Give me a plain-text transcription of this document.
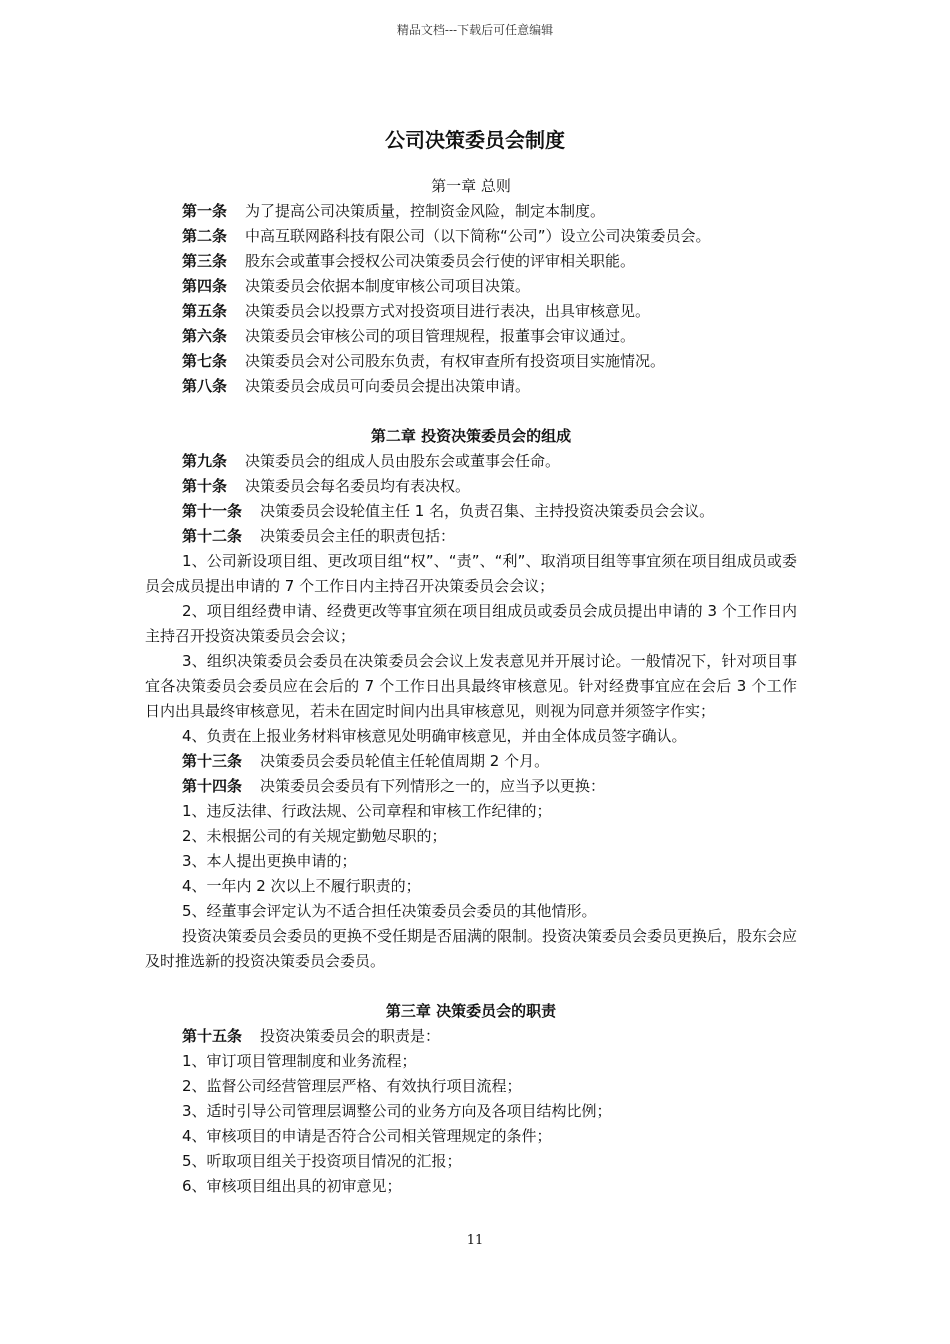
精品文档---下载后可任意编辑
公司决策委员会制度

第一章 总则

第一条 为了提高公司决策质量，控制资金风险，制定本制度。

第二条 中高互联网路科技有限公司（以下简称“公司”）设立公司决策委员会。

第三条 股东会或董事会授权公司决策委员会行使的评审相关职能。

第四条 决策委员会依据本制度审核公司项目决策。

第五条 决策委员会以投票方式对投资项目进行表决，出具审核意见。

第六条 决策委员会审核公司的项目管理规程，报董事会审议通过。

第七条 决策委员会对公司股东负责，有权审查所有投资项目实施情况。

第八条 决策委员会成员可向委员会提出决策申请。

第二章 投资决策委员会的组成

第九条 决策委员会的组成人员由股东会或董事会任命。

第十条 决策委员会每名委员均有表决权。

第十一条 决策委员会设轮值主任 1 名，负责召集、主持投资决策委员会会议。

第十二条 决策委员会主任的职责包括：

1、公司新设项目组、更改项目组“权”、“责”、“利”、取消项目组等事宜须在项目组成员或委员会成员提出申请的 7 个工作日内主持召开决策委员会会议；

2、项目组经费申请、经费更改等事宜须在项目组成员或委员会成员提出申请的 3 个工作日内主持召开投资决策委员会会议；

3、组织决策委员会委员在决策委员会会议上发表意见并开展讨论。一般情况下，针对项目事宜各决策委员会委员应在会后的 7 个工作日出具最终审核意见。针对经费事宜应在会后 3 个工作日内出具最终审核意见，若未在固定时间内出具审核意见，则视为同意并须签字作实；

4、负责在上报业务材料审核意见处明确审核意见，并由全体成员签字确认。

第十三条 决策委员会委员轮值主任轮值周期 2 个月。

第十四条 决策委员会委员有下列情形之一的，应当予以更换：

1、违反法律、行政法规、公司章程和审核工作纪律的；

2、未根据公司的有关规定勤勉尽职的；

3、本人提出更换申请的；

4、一年内 2 次以上不履行职责的；

5、经董事会评定认为不适合担任决策委员会委员的其他情形。

投资决策委员会委员的更换不受任期是否届满的限制。投资决策委员会委员更换后，股东会应及时推选新的投资决策委员会委员。

第三章 决策委员会的职责

第十五条 投资决策委员会的职责是：

1、审订项目管理制度和业务流程；

2、监督公司经营管理层严格、有效执行项目流程；

3、适时引导公司管理层调整公司的业务方向及各项目结构比例；

4、审核项目的申请是否符合公司相关管理规定的条件；

5、听取项目组关于投资项目情况的汇报；

6、审核项目组出具的初审意见；

11
